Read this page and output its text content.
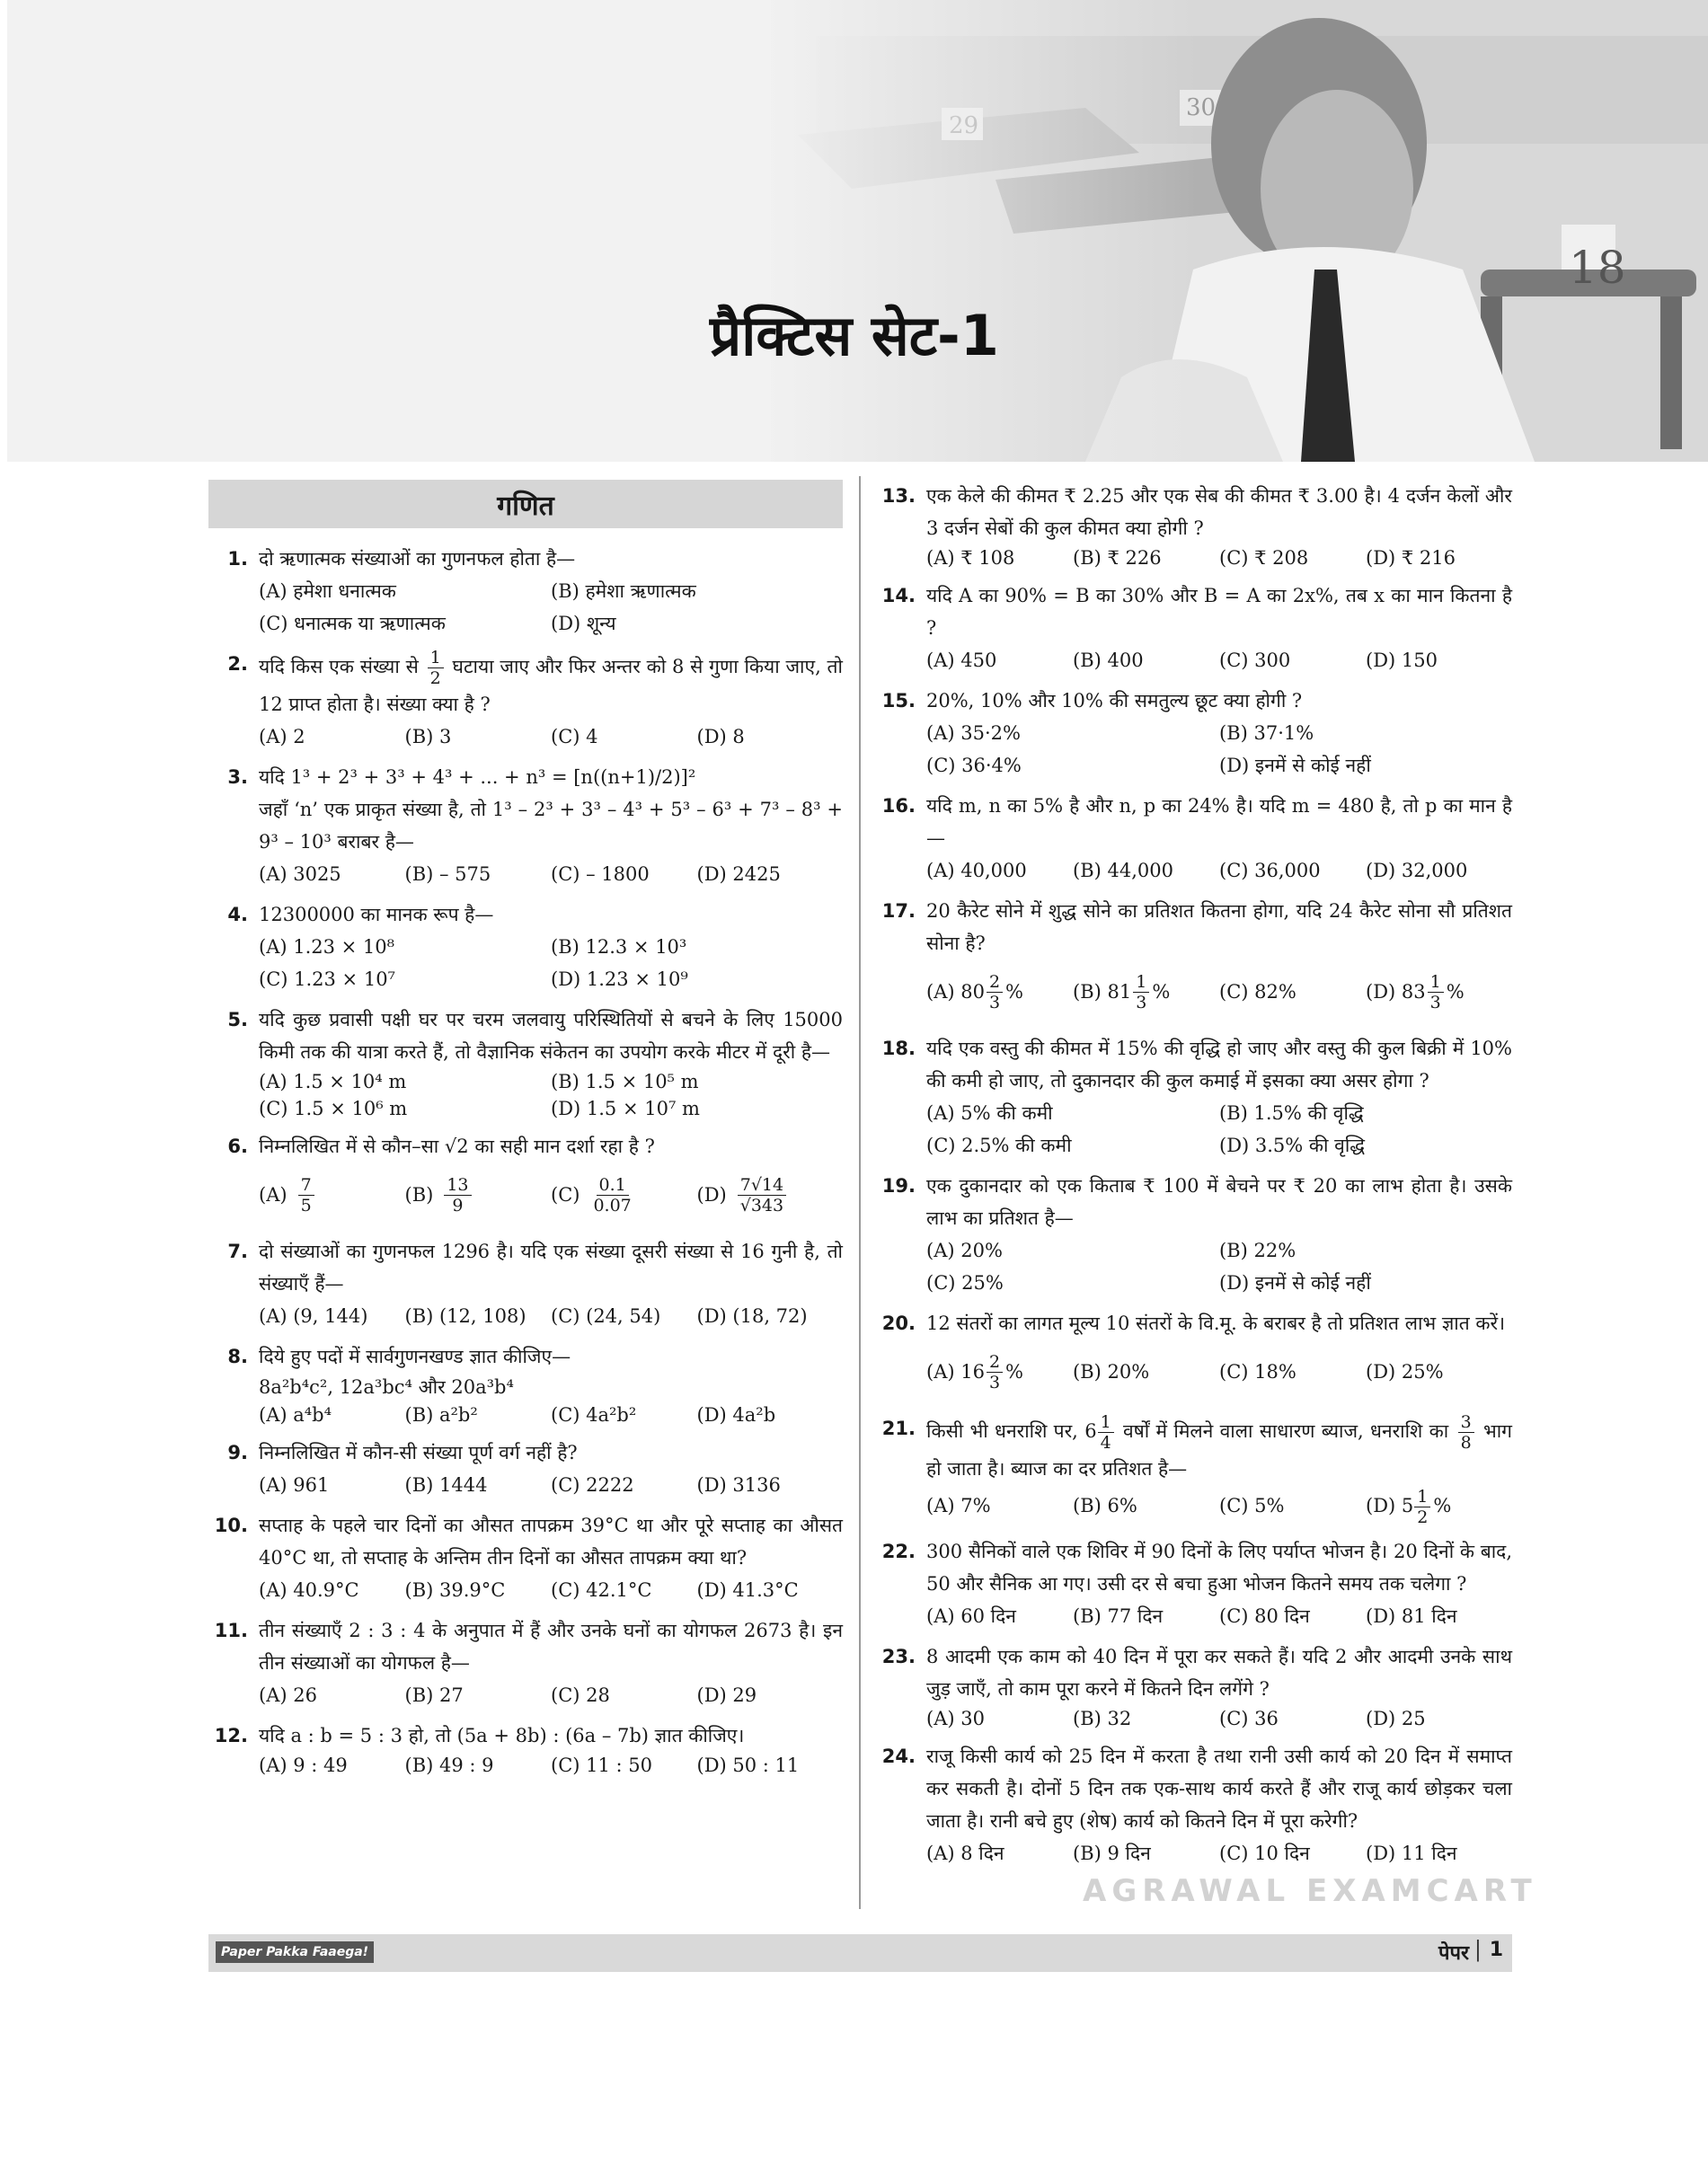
प्रैक्टिस सेट-1
गणित
1. दो ऋणात्मक संख्याओं का गुणनफल होता है—
(A) हमेशा धनात्मक	(B) हमेशा ऋणात्मक
(C) धनात्मक या ऋणात्मक	(D) शून्य
2. यदि किस एक संख्या से $\frac{1}{2}$ घटाया जाए और फिर अन्तर को 8 से गुणा किया जाए, तो 12 प्राप्त होता है। संख्या क्या है ?
(A) 2	(B) 3	(C) 4	(D) 8
3. यदि 1³ + 2³ + 3³ + 4³ + ... + n³ = [n((n+1)/2)]²
जहाँ ‘n’ एक प्राकृत संख्या है, तो 1³ – 2³ + 3³ – 4³ + 5³ – 6³ + 7³ – 8³ + 9³ – 10³ बराबर है—
(A) 3025	(B) – 575	(C) – 1800	(D) 2425
4. 12300000 का मानक रूप है—
(A) 1.23 × 10⁸	(B) 12.3 × 10³
(C) 1.23 × 10⁷	(D) 1.23 × 10⁹
5. यदि कुछ प्रवासी पक्षी घर पर चरम जलवायु परिस्थितियों से बचने के लिए 15000 किमी तक की यात्रा करते हैं, तो वैज्ञानिक संकेतन का उपयोग करके मीटर में दूरी है—
(A) 1.5 × 10⁴ m	(B) 1.5 × 10⁵ m
(C) 1.5 × 10⁶ m	(D) 1.5 × 10⁷ m
6. निम्नलिखित में से कौन–सा √2 का सही मान दर्शा रहा है ?
$(A) \frac{7}{5}$	$(B) \frac{13}{9}$	$(C) \frac{0.1}{0.07}$	$(D) \frac{7√14}{√343}$
7. दो संख्याओं का गुणनफल 1296 है। यदि एक संख्या दूसरी संख्या से 16 गुनी है, तो संख्याएँ हैं—
(A) (9, 144)	(B) (12, 108)	(C) (24, 54)	(D) (18, 72)
8. दिये हुए पदों में सार्वगुणनखण्ड ज्ञात कीजिए—
8a²b⁴c², 12a³bc⁴ और 20a³b⁴
(A) a⁴b⁴	(B) a²b²	(C) 4a²b²	(D) 4a²b
9. निम्नलिखित में कौन-सी संख्या पूर्ण वर्ग नहीं है?
(A) 961	(B) 1444	(C) 2222	(D) 3136
10. सप्ताह के पहले चार दिनों का औसत तापक्रम 39°C था और पूरे सप्ताह का औसत 40°C था, तो सप्ताह के अन्तिम तीन दिनों का औसत तापक्रम क्या था?
(A) 40.9°C	(B) 39.9°C	(C) 42.1°C	(D) 41.3°C
11. तीन संख्याएँ 2 : 3 : 4 के अनुपात में हैं और उनके घनों का योगफल 2673 है। इन तीन संख्याओं का योगफल है—
(A) 26	(B) 27	(C) 28	(D) 29
12. यदि a : b = 5 : 3 हो, तो (5a + 8b) : (6a – 7b) ज्ञात कीजिए।
(A) 9 : 49	(B) 49 : 9	(C) 11 : 50	(D) 50 : 11
13. एक केले की कीमत ₹ 2.25 और एक सेब की कीमत ₹ 3.00 है। 4 दर्जन केलों और 3 दर्जन सेबों की कुल कीमत क्या होगी ?
(A) ₹ 108	(B) ₹ 226	(C) ₹ 208	(D) ₹ 216
14. यदि A का 90% = B का 30% और B = A का 2x%, तब x का मान कितना है ?
(A) 450	(B) 400	(C) 300	(D) 150
15. 20%, 10% और 10% की समतुल्य छूट क्या होगी ?
(A) 35·2%	(B) 37·1%
(C) 36·4%	(D) इनमें से कोई नहीं
16. यदि m, n का 5% है और n, p का 24% है। यदि m = 480 है, तो p का मान है—
(A) 40,000	(B) 44,000	(C) 36,000	(D) 32,000
17. 20 कैरेट सोने में शुद्ध सोने का प्रतिशत कितना होगा, यदि 24 कैरेट सोना सौ प्रतिशत सोना है?
(A) $80 \frac{2}{3}$ %	(B) $81 \frac{1}{3}$ %	(C) 82%	(D) $83 \frac{1}{3}$ %
18. यदि एक वस्तु की कीमत में 15% की वृद्धि हो जाए और वस्तु की कुल बिक्री में 10% की कमी हो जाए, तो दुकानदार की कुल कमाई में इसका क्या असर होगा ?
(A) 5% की कमी	(B) 1.5% की वृद्धि
(C) 2.5% की कमी	(D) 3.5% की वृद्धि
19. एक दुकानदार को एक किताब ₹ 100 में बेचने पर ₹ 20 का लाभ होता है। उसके लाभ का प्रतिशत है—
(A) 20%	(B) 22%
(C) 25%	(D) इनमें से कोई नहीं
20. 12 संतरों का लागत मूल्य 10 संतरों के वि.मू. के बराबर है तो प्रतिशत लाभ ज्ञात करें।
(A) $16 \frac{2}{3}$ %	(B) 20%	(C) 18%	(D) 25%
21. किसी भी धनराशि पर, $6 \frac{1}{4}$ वर्षों में मिलने वाला साधारण ब्याज, धनराशि का $\frac{3}{8}$ भाग हो जाता है। ब्याज का दर प्रतिशत है—
(A) 7%	(B) 6%	(C) 5%	(D) $5 \frac{1}{2}$ %
22. 300 सैनिकों वाले एक शिविर में 90 दिनों के लिए पर्याप्त भोजन है। 20 दिनों के बाद, 50 और सैनिक आ गए। उसी दर से बचा हुआ भोजन कितने समय तक चलेगा ?
(A) 60 दिन	(B) 77 दिन	(C) 80 दिन	(D) 81 दिन
23. 8 आदमी एक काम को 40 दिन में पूरा कर सकते हैं। यदि 2 और आदमी उनके साथ जुड़ जाएँ, तो काम पूरा करने में कितने दिन लगेंगे ?
(A) 30	(B) 32	(C) 36	(D) 25
24. राजू किसी कार्य को 25 दिन में करता है तथा रानी उसी कार्य को 20 दिन में समाप्त कर सकती है। दोनों 5 दिन तक एक-साथ कार्य करते हैं और राजू कार्य छोड़कर चला जाता है। रानी बचे हुए (शेष) कार्य को कितने दिन में पूरा करेगी?
(A) 8 दिन	(B) 9 दिन	(C) 10 दिन	(D) 11 दिन
AGRAWAL EXAMCART
Paper Pakka Faaega!	पेपर | 1
